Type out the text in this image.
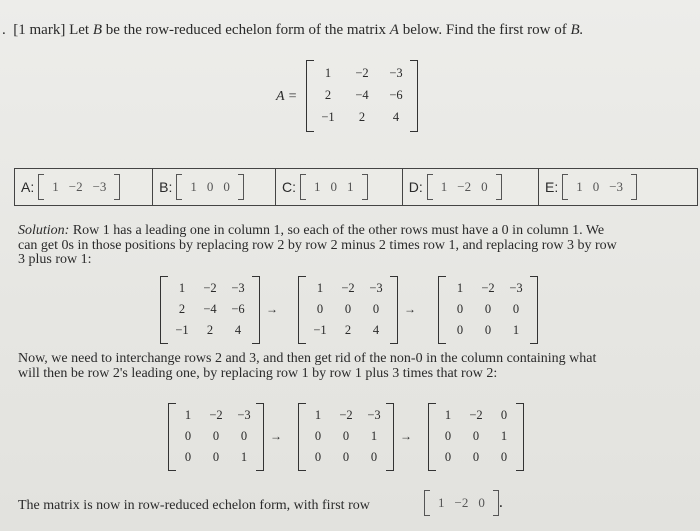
. [1 mark] Let B be the row-reduced echelon form of the matrix A below. Find the first row of B.
A =
1	−2	−3
2	−4	−6
−1	2	4
A: 1 −2 −3	B: 1 0 0	C: 1 0 1	D: 1 −2 0	E: 1 0 −3
Solution: Row 1 has a leading one in column 1, so each of the other rows must have a 0 in column 1. We
can get 0s in those positions by replacing row 2 by row 2 minus 2 times row 1, and replacing row 3 by row
3 plus row 1:
1	−2	−3
2	−4	−6
−1	2	4
→
1	−2	−3
0	0	0
−1	2	4
→
1	−2	−3
0	0	0
0	0	1
Now, we need to interchange rows 2 and 3, and then get rid of the non-0 in the column containing what
will then be row 2's leading one, by replacing row 1 by row 1 plus 3 times that row 2:
1	−2	−3
0	0	0
0	0	1
→
1	−2	−3
0	0	1
0	0	0
→
1	−2	0
0	0	1
0	0	0
The matrix is now in row-reduced echelon form, with first row	1 −2 0 .
